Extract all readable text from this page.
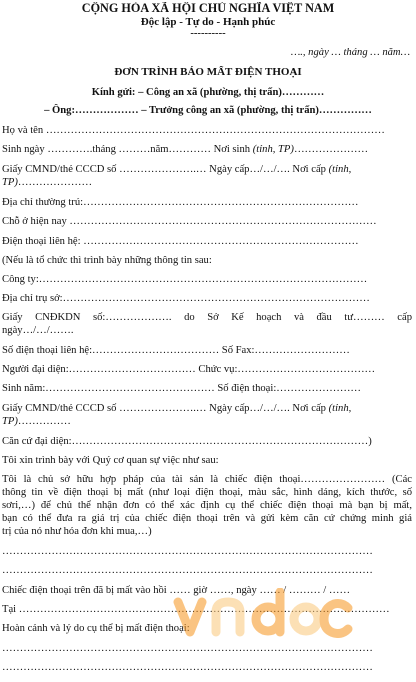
CỘNG HÒA XÃ HỘI CHỦ NGHĨA VIỆT NAM
Độc lập - Tự do - Hạnh phúc
----------
…., ngày … tháng … năm…
ĐƠN TRÌNH BÁO MẤT ĐIỆN THOẠI
Kính gửi: – Công an xã (phường, thị trấn)…………
– Ông:……………… – Trưởng công an xã (phường, thị trấn)……………
Họ và tên ……………………………………………………………………………………
Sinh ngày ………….tháng ………năm………… Nơi sinh (tỉnh, TP)…………………
Giấy CMND/thẻ CCCD số ………………….… Ngày cấp…/…/…. Nơi cấp (tỉnh,
TP)…………………
Địa chỉ thường trú:……………………………………………………………………
Chỗ ở hiện nay ……………………………………………………………………………
Điện thoại liên hệ: ……………………………………………………………………
(Nếu là tổ chức thì trình bày những thông tin sau:
Công ty:…………………………………………………………………………………
Địa chỉ trụ sở:……………………………………………………………………………
Giấy CNĐKDN số:………………. do Sở Kế hoạch và đầu tư……… cấp
ngày…/…/…….
Số điện thoại liên hệ:……………………………… Số Fax:………………………
Người đại diện:……………………………… Chức vụ:…………………………………
Sinh năm:………………………………………… Số điện thoại:……………………
Giấy CMND/thẻ CCCD số ………………….… Ngày cấp…/…/…. Nơi cấp (tỉnh,
TP)……………
Căn cứ đại diện:…………………………………………………………………………)
Tôi xin trình bày với Quý cơ quan sự việc như sau:
Tôi là chủ sở hữu hợp pháp của tài sản là chiếc điện thoại…………………… (Các
thông tin về điện thoại bị mất (như loại điện thoại, màu sắc, hình dáng, kích thước, số
sơri,…) để chủ thể nhận đơn có thể xác định cụ thể chiếc điện thoại mà bạn bị mất,
bạn có thể đưa ra giá trị của chiếc điện thoại trên và gửi kèm căn cứ chứng minh giá
trị của nó như hóa đơn khi mua,…)
……………………………………………………………………………………………
……………………………………………………………………………………………
Chiếc điện thoại trên đã bị mất vào hồi …… giờ ……, ngày …… / ……… / ……
Tại ……………………………………………………………………………………………
Hoàn cảnh và lý do cụ thể bị mất điện thoại:
……………………………………………………………………………………………
……………………………………………………………………………………………
